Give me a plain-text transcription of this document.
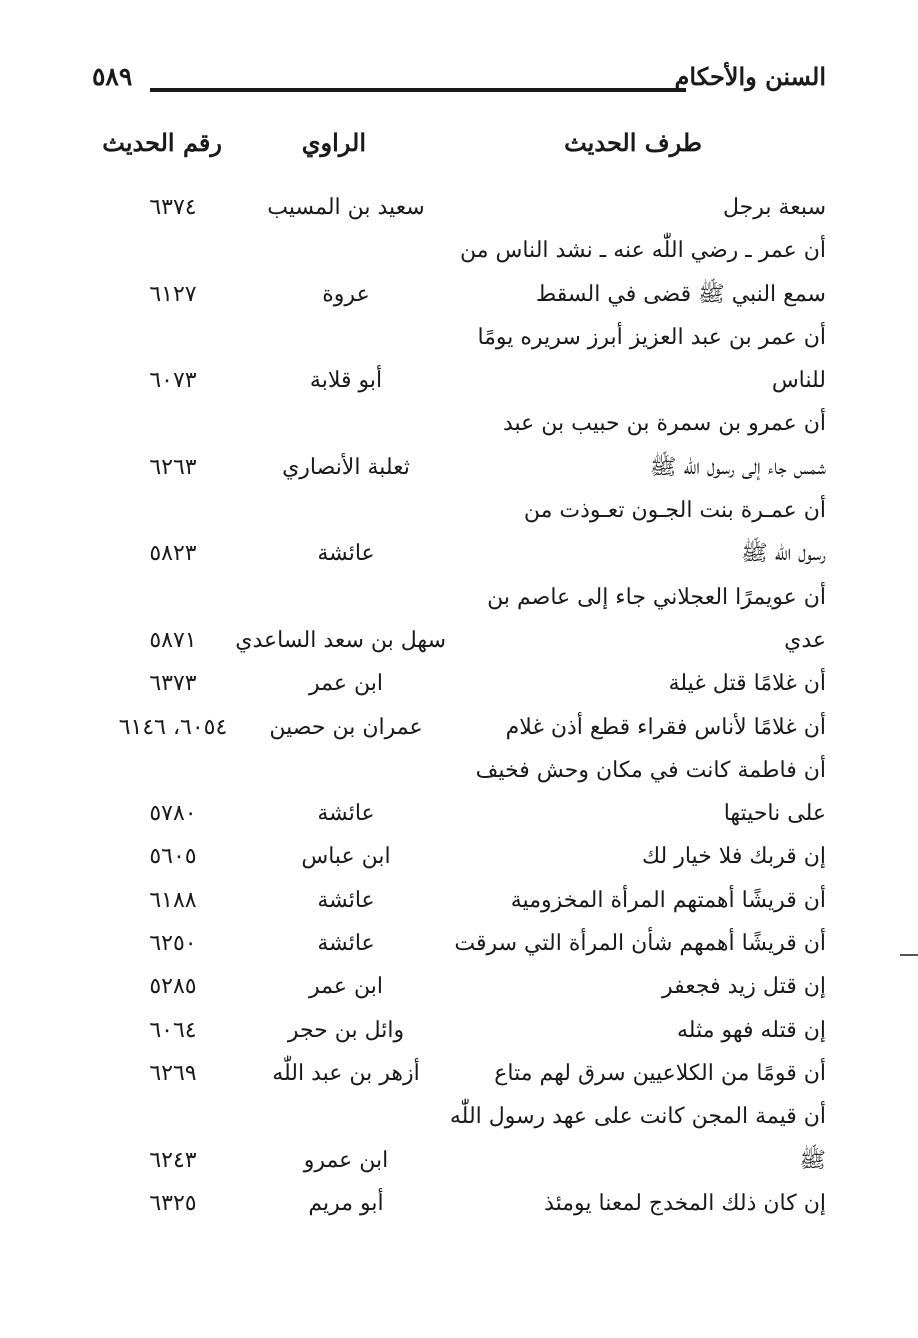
٥٨٩	السنن والأحكام
طرف الحديث
الراوي
رقم الحديث
سبعة برجل
سعيد بن المسيب
٦٣٧٤
أن عمر ـ رضي اللّٰه عنه ـ نشد الناس من
سمع النبي ﷺ قضى في السقط
عروة
٦١٢٧
أن عمر بن عبد العزيز أبرز سريره يومًا
للناس
أبو قلابة
٦٠٧٣
أن عمرو بن سمرة بن حبيب بن عبد
شمس جاء إلى رسول اللّٰه ﷺ
ثعلبة الأنصاري
٦٢٦٣
أن عمـرة بنت الجـون تعـوذت من
رسول اللّٰه ﷺ
عائشة
٥٨٢٣
أن عويمرًا العجلاني جاء إلى عاصم بن
عدي
سهل بن سعد الساعدي
٥٨٧١
أن غلامًا قتل غيلة
ابن عمر
٦٣٧٣
أن غلامًا لأناس فقراء قطع أذن غلام
عمران بن حصين
٦٠٥٤، ٦١٤٦
أن فاطمة كانت في مكان وحش فخيف
على ناحيتها
عائشة
٥٧٨٠
إن قربك فلا خيار لك
ابن عباس
٥٦٠٥
أن قريشًا أهمتهم المرأة المخزومية
عائشة
٦١٨٨
أن قريشًا أهمهم شأن المرأة التي سرقت
عائشة
٦٢٥٠
إن قتل زيد فجعفر
ابن عمر
٥٢٨٥
إن قتله فهو مثله
وائل بن حجر
٦٠٦٤
أن قومًا من الكلاعيين سرق لهم متاع
أزهر بن عبد اللّٰه
٦٢٦٩
أن قيمة المجن كانت على عهد رسول اللّٰه
ﷺ
ابن عمرو
٦٢٤٣
إن كان ذلك المخدج لمعنا يومئذ
أبو مريم
٦٣٢٥
